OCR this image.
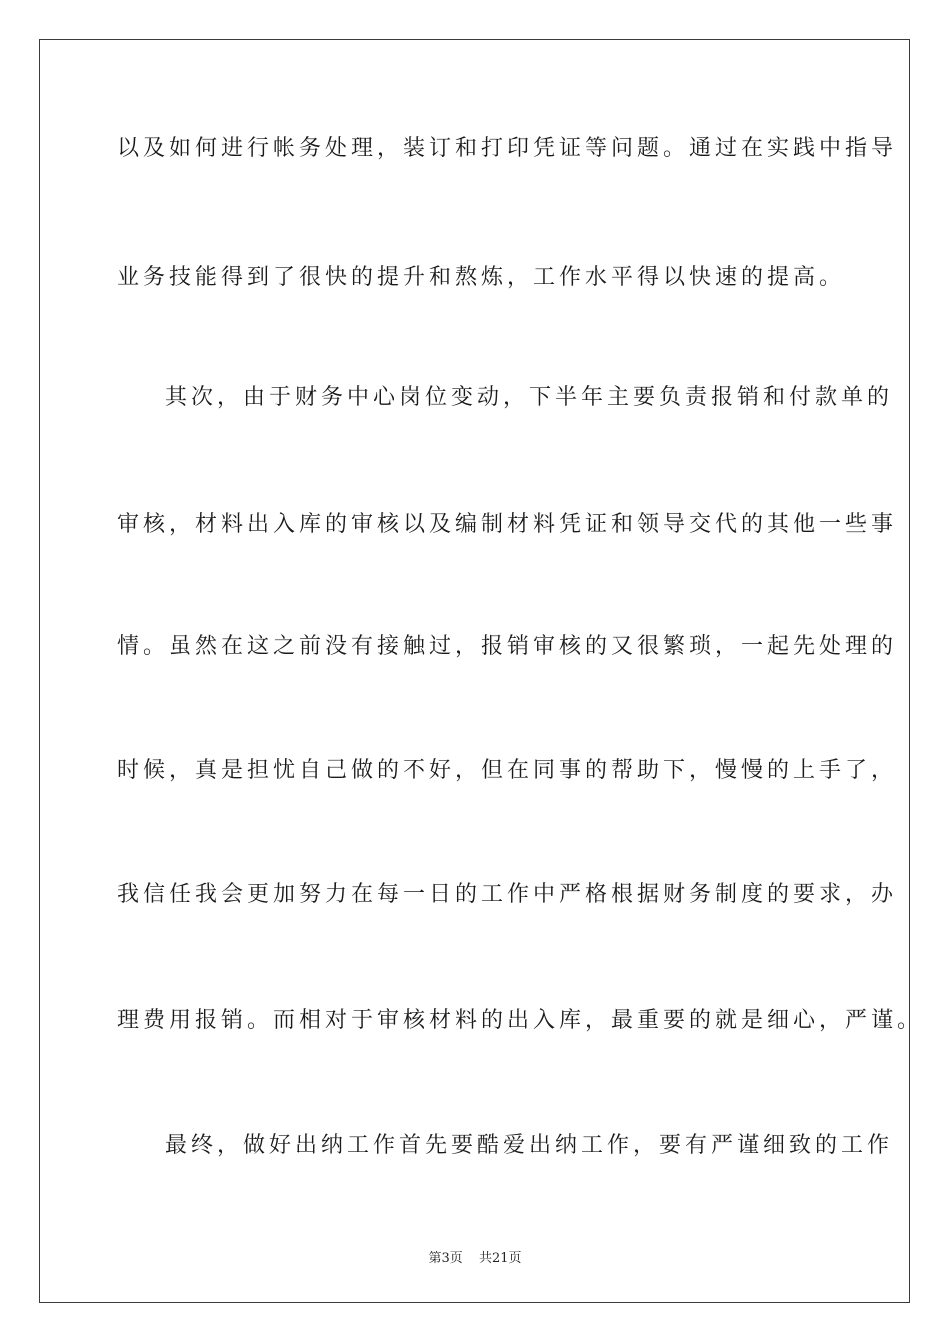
以及如何进行帐务处理，装订和打印凭证等问题。通过在实践中指导
业务技能得到了很快的提升和熬炼，工作水平得以快速的提高。
其次，由于财务中心岗位变动，下半年主要负责报销和付款单的
审核，材料出入库的审核以及编制材料凭证和领导交代的其他一些事
情。虽然在这之前没有接触过，报销审核的又很繁琐，一起先处理的
时候，真是担忧自己做的不好，但在同事的帮助下，慢慢的上手了，
我信任我会更加努力在每一日的工作中严格根据财务制度的要求，办
理费用报销。而相对于审核材料的出入库，最重要的就是细心，严谨。
最终，做好出纳工作首先要酷爱出纳工作，要有严谨细致的工作
第3页 共21页
